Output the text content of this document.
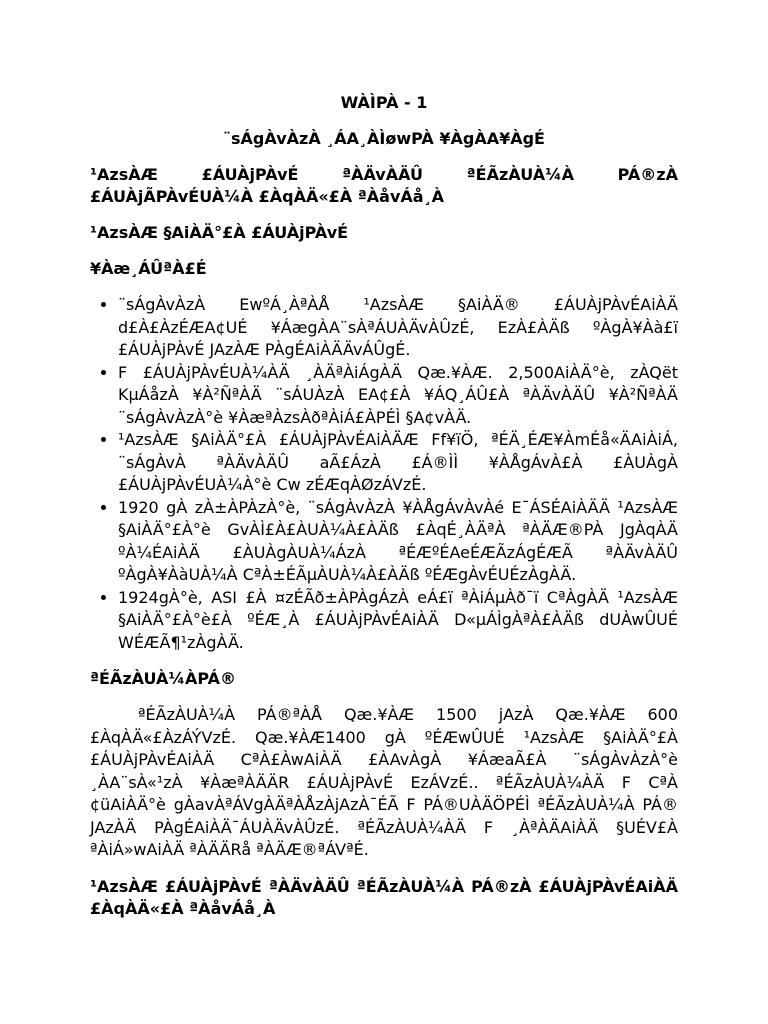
WÀÌPÀ - 1
¨sÁgÀvÀzÀ ¸ÁA¸ÀÌøwPÀ ¥ÀgÀA¥ÀgÉ
¹AzsÀÆ £ÁUÀjPÀvÉ ªÀÄvÀÄÛ ªÉÃzÀUÀ¼À PÁ®zÀ £ÁUÀjÃPÀvÉUÀ¼À £ÀqÀÄ«£À ªÀåvÁå¸À
¹AzsÀÆ §AiÀÄ°£À £ÁUÀjPÀvÉ
¥Àæ¸ÁÛªÀ£É
• ¨sÁgÀvÀzÀ EwºÁ¸ÀªÀÅ ¹AzsÀÆ §AiÀÄ® £ÁUÀjPÀvÉAiÀÄ d£À£ÀzÉÆA¢UÉ ¥ÁægÀA¨sÀªÁUÀÄvÀÛzÉ, EzÀ£ÀÄß ºÀgÀ¥Àà£ï £ÁUÀjPÀvÉ JAzÀÆ PÀgÉAiÀÄÄvÁÛgÉ.
• F £ÁUÀjPÀvÉUÀ¼ÀÄ ¸ÀÄªÀiÁgÀÄ Qæ.¥ÀÆ. 2,500AiÀÄ°è, zÀQët KμÁåzÀ ¥À²ÑªÀÄ ¨sÁUÀzÀ EA¢£À ¥ÁQ¸ÁÛ£À ªÀÄvÀÄÛ ¥À²ÑªÀÄ ¨sÁgÀvÀzÀ°è ¥ÀæªÀzsÀðªÀiÁ£ÀPÉÌ §A¢vÀÄ.
• ¹AzsÀÆ §AiÀÄ°£À £ÁUÀjPÀvÉAiÀÄÆ Ff¥ïÖ, ªÉÄ¸ÉÆ¥ÀmÉå«ÄAiÀiÁ, ¨sÁgÀvÀ ªÀÄvÀÄÛ aÃ£ÁzÀ £Á®ÌÌ ¥ÀÅgÁvÀ£À £ÀUÀgÀ £ÁUÀjPÀvÉUÀ¼À°è Cw zÉÆqÀØzÁVzÉ.
• 1920 gÀ zÀ±ÀPÀzÀ°è, ¨sÁgÀvÀzÀ ¥ÀÅgÁvÀvÀé E¯ÁSÉAiÀÄÄ ¹AzsÀÆ §AiÀÄ°£À°è GvÀÌ£À£ÀUÀ¼À£ÀÄß £ÀqÉ¸ÀÄªÀ ªÀÄÆ®PÀ JgÀqÀÄ ºÀ¼ÉAiÀÄ £ÀUÀgÀUÀ¼ÁzÀ ªÉÆºÉAeÉÆÃzÁgÉÆÃ ªÀÄvÀÄÛ ºÀgÀ¥ÀàUÀ¼À CªÀ±ÉÃµÀUÀ¼À£ÀÄß ºÉÆgÀvÉUÉzÀgÀÄ.
• 1924gÀ°è, ASI £À ¤zÉÃð±ÀPÀgÁzÀ eÁ£ï ªÀiÁμÀð¯ï CªÀgÀÄ ¹AzsÀÆ §AiÀÄ°£À°è£À ºÉÆ¸À £ÁUÀjPÀvÉAiÀÄ D«μÁÌgÀªÀ£ÀÄß dUÀwÛUÉ WÉÆÃ¶¹zÀgÀÄ.
ªÉÃzÀUÀ¼ÀPÁ®

ªÉÃzÀUÀ¼À PÁ®ªÀÅ Qæ.¥ÀÆ 1500 jAzÀ Qæ.¥ÀÆ 600 £ÀqÀÄ«£ÀzÁÝVzÉ. Qæ.¥ÀÆ1400 gÀ ºÉÆwÛUÉ ¹AzsÀÆ §AiÀÄ°£À £ÁUÀjPÀvÉAiÀÄ CªÀ£ÀwAiÀÄ £ÀAvÀgÀ ¥ÁæaÃ£À ¨sÁgÀvÀzÀ°è ¸ÀA¨sÀ«¹zÀ ¥ÀæªÀÄÄR £ÁUÀjPÀvÉ EzÁVzÉ.. ªÉÃzÀUÀ¼ÀÄ F CªÀ ¢üAiÀÄ°è gÀavÀªÁVgÀÄªÀÅzÀjAzÀ¯ÉÃ F PÁ®UÀÄÖPÉÌ ªÉÃzÀUÀ¼À PÁ® JAzÀÄ PÀgÉAiÀÄ¯ÁUÀÄvÀÛzÉ. ªÉÃzÀUÀ¼ÀÄ F ¸ÀªÀÄAiÀÄ §UÉV£À ªÀiÁ»wAiÀÄ ªÀÄÄRå ªÀÄÆ®ªÁVªÉ.

¹AzsÀÆ £ÁUÀjPÀvÉ ªÀÄvÀÄÛ ªÉÃzÀUÀ¼À PÁ®zÀ £ÁUÀjPÀvÉAiÀÄ £ÀqÀÄ«£À ªÀåvÁå¸À
